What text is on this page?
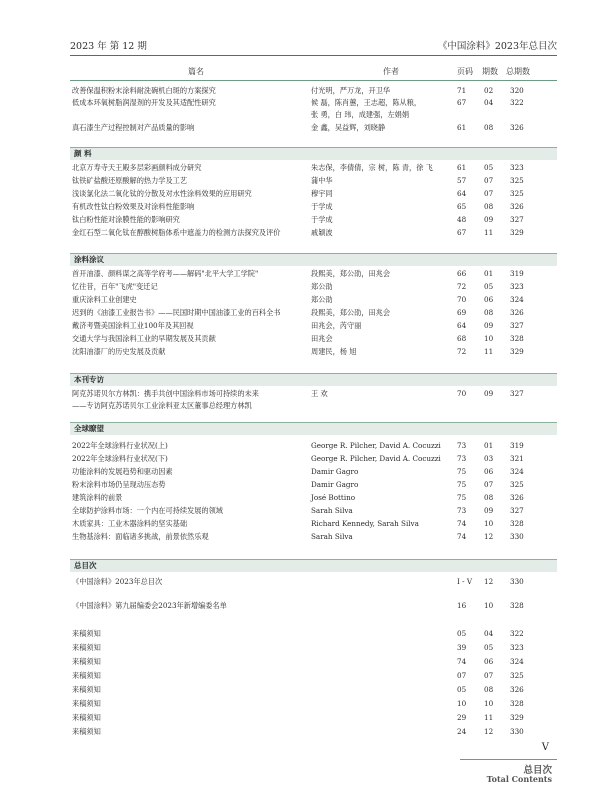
2023 年 第 12 期	《中国涂料》2023年总目次
篇名	作者	页码 期数 总期数
改善保温积粉末涂料耐洗碗机白斑的方案探究	付光明，严万龙，开卫华	71 02 320
低成本环氧树脂润湿剂的开发及其适配性研究	候 磊，陈肖蕙，王志超，陈从粮，	67 04 322
张 勇，白 玮，成建强，左娟娟
真石漆生产过程控制对产品质量的影响	金 鑫，吴益辉，刘晓静	61 08 326
颜 料
北京万寿寺天王殿多层彩画颜料成分研究	朱志保，李倩倩，宗 树，陈 青，徐 飞	61 05 323
钛铁矿盐酸还原酸解的热力学及工艺	蒲中华	57 07 325
浅谈氯化法二氧化钛的分散及对水性涂料效果的应用研究	穆宇同	64 07 325
有机改性钛白粉效果及对涂料性能影响	于学成	65 08 326
钛白粉性能对涂膜性能的影响研究	于学成	48 09 327
金红石型二氧化钛在醇酸树脂体系中遮盖力的检测方法探究及评价	戚颖波	67 11 329
涂料涂议
首开油漆、颜料谋之高等学府考——解码"北平大学工学院"	段熙美，郑公劭，田兆会	66 01 319
忆往昔，百年"飞虎"变迁记	郑公劭	72 05 323
重庆涂料工业创建史	郑公劭	70 06 324
迟到的《油漆工业报告书》——民国时期中国油漆工业的百科全书	段熙美，郑公劭，田兆会	69 08 326
戴济考暨美国涂料工业100年及其回视	田兆会，芮守丽	64 09 327
交通大学与我国涂料工业的早期发展及其贡献	田兆会	68 10 328
沈阳油漆厂的历史发展及贡献	周建民，杨 旭	72 11 329
本刊专访
阿克苏诺贝尔方林凯：携手共创中国涂料市场可持续的未来	王 欢	70 09 327
——专访阿克苏诺贝尔工业涂料亚太区董事总经理方林凯
全球瞭望
2022年全球涂料行业状况(上)	George R. Pilcher, David A. Cocuzzi 73 01 319
2022年全球涂料行业状况(下)	George R. Pilcher, David A. Cocuzzi 73 03 321
功能涂料的发展趋势和驱动因素	Damir Gagro	75 06 324
粉末涂料市场仍呈现动压态势	Damir Gagro	75 07 325
建筑涂料的前景	José Bottino	75 08 326
全球防护涂料市场：一个内在可持续发展的领域	Sarah Silva	73 09 327
木质家具：工业木器涂料的坚实基础	Richard Kennedy, Sarah Silva	74 10 328
生物基涂料：面临诸多挑战，前景依然乐观	Sarah Silva	74 12 330
总目次
《中国涂料》2023年总目次	I - V 12 330
《中国涂料》第九届编委会2023年新增编委名单	16 10 328
来稿须知	05 04 322
来稿须知	39 05 323
来稿须知	74 06 324
来稿须知	07 07 325
来稿须知	05 08 326
来稿须知	10 10 328
来稿须知	29 11 329
来稿须知	24 12 330
V
总目次
Total Contents
